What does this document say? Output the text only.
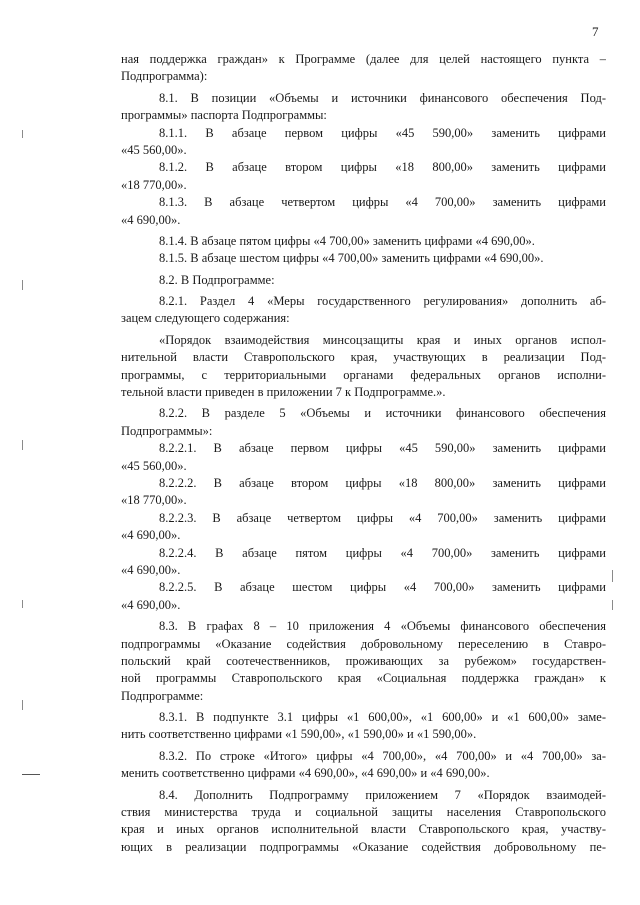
7
ная поддержка граждан» к Программе (далее для целей настоящего пункта –
Подпрограмма):
8.1. В позиции «Объемы и источники финансового обеспечения Под-
программы» паспорта Подпрограммы:
8.1.1. В абзаце первом цифры «45 590,00» заменить цифрами
«45 560,00».
8.1.2. В абзаце втором цифры «18 800,00» заменить цифрами
«18 770,00».
8.1.3. В абзаце четвертом цифры «4 700,00» заменить цифрами
«4 690,00».
8.1.4. В абзаце пятом цифры «4 700,00» заменить цифрами «4 690,00».
8.1.5. В абзаце шестом цифры «4 700,00» заменить цифрами «4 690,00».
8.2. В Подпрограмме:
8.2.1. Раздел 4 «Меры государственного регулирования» дополнить аб-
зацем следующего содержания:
«Порядок взаимодействия минсоцзащиты края и иных органов испол-
нительной власти Ставропольского края, участвующих в реализации Под-
программы, с территориальными органами федеральных органов исполни-
тельной власти приведен в приложении 7 к Подпрограмме.».
8.2.2. В разделе 5 «Объемы и источники финансового обеспечения
Подпрограммы»:
8.2.2.1. В абзаце первом цифры «45 590,00» заменить цифрами
«45 560,00».
8.2.2.2. В абзаце втором цифры «18 800,00» заменить цифрами
«18 770,00».
8.2.2.3. В абзаце четвертом цифры «4 700,00» заменить цифрами
«4 690,00».
8.2.2.4. В абзаце пятом цифры «4 700,00» заменить цифрами
«4 690,00».
8.2.2.5. В абзаце шестом цифры «4 700,00» заменить цифрами
«4 690,00».
8.3. В графах 8 – 10 приложения 4 «Объемы финансового обеспечения
подпрограммы «Оказание содействия добровольному переселению в Ставро-
польский край соотечественников, проживающих за рубежом» государствен-
ной программы Ставропольского края «Социальная поддержка граждан» к
Подпрограмме:
8.3.1. В подпункте 3.1 цифры «1 600,00», «1 600,00» и «1 600,00» заме-
нить соответственно цифрами «1 590,00», «1 590,00» и «1 590,00».
8.3.2. По строке «Итого» цифры «4 700,00», «4 700,00» и «4 700,00» за-
менить соответственно цифрами «4 690,00», «4 690,00» и «4 690,00».
8.4. Дополнить Подпрограмму приложением 7 «Порядок взаимодей-
ствия министерства труда и социальной защиты населения Ставропольского
края и иных органов исполнительной власти Ставропольского края, участву-
ющих в реализации подпрограммы «Оказание содействия добровольному пе-
